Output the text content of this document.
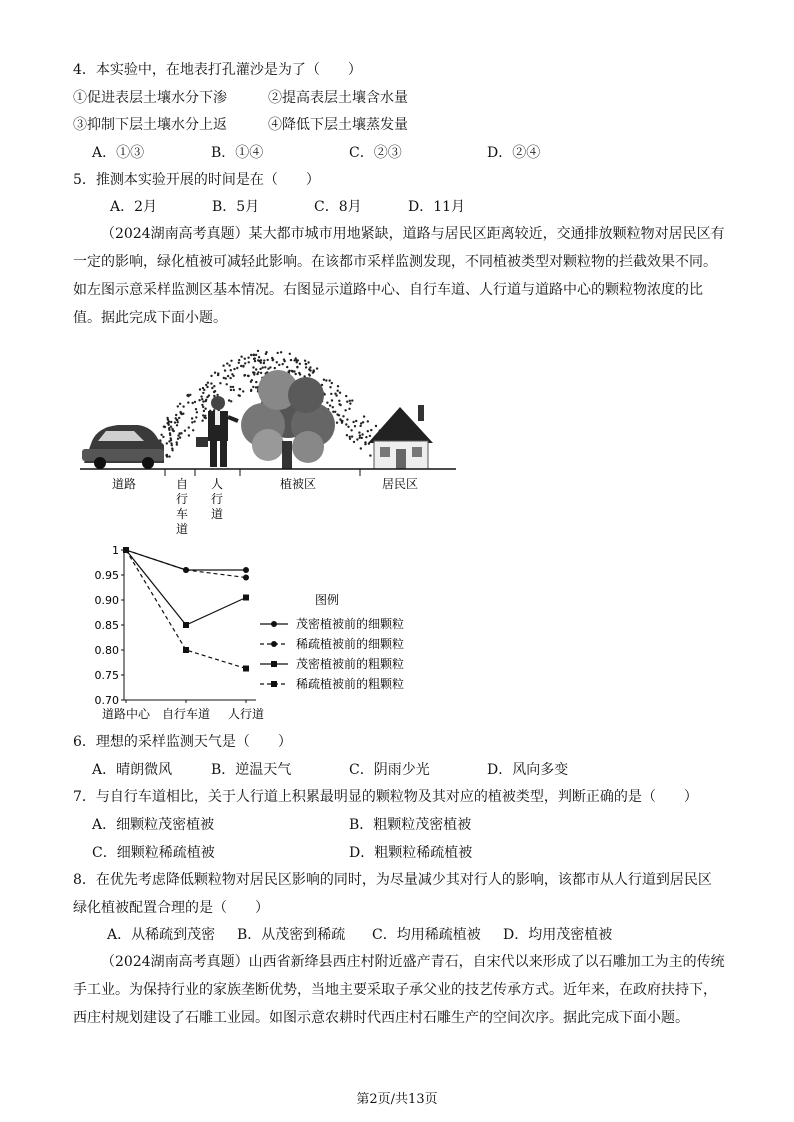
4．本实验中，在地表打孔灌沙是为了（　　）
①促进表层土壤水分下渗	②提高表层土壤含水量
③抑制下层土壤水分上返	④降低下层土壤蒸发量
A．①③	B．①④	C．②③	D．②④
5．推测本实验开展的时间是在（　　）
A．2月	B．5月	C．8月	D．11月
（2024湖南高考真题）某大都市城市用地紧缺，道路与居民区距离较近，交通排放颗粒物对居民区有一定的影响，绿化植被可减轻此影响。在该都市采样监测发现，不同植被类型对颗粒物的拦截效果不同。如左图示意采样监测区基本情况。右图显示道路中心、自行车道、人行道与道路中心的颗粒物浓度的比值。据此完成下面小题。
道路	自行车道
人行道
植被区	居民区
0.70
0.75
0.80
0.85
0.90
0.95
1
道路中心 自行车道 人行道
图例
茂密植被前的细颗粒
稀疏植被前的细颗粒
茂密植被前的粗颗粒
稀疏植被前的粗颗粒
6．理想的采样监测天气是（　　）
A．晴朗微风	B．逆温天气	C．阴雨少光	D．风向多变
7．与自行车道相比，关于人行道上积累最明显的颗粒物及其对应的植被类型，判断正确的是（　　）
A．细颗粒茂密植被	B．粗颗粒茂密植被
C．细颗粒稀疏植被	D．粗颗粒稀疏植被
8．在优先考虑降低颗粒物对居民区影响的同时，为尽量减少其对行人的影响，该都市从人行道到居民区绿化植被配置合理的是（　　）
A．从稀疏到茂密 B．从茂密到稀疏 C．均用稀疏植被 D．均用茂密植被
（2024湖南高考真题）山西省新绛县西庄村附近盛产青石，自宋代以来形成了以石雕加工为主的传统手工业。为保持行业的家族垄断优势，当地主要采取子承父业的技艺传承方式。近年来，在政府扶持下，西庄村规划建设了石雕工业园。如图示意农耕时代西庄村石雕生产的空间次序。据此完成下面小题。
第2页/共13页
